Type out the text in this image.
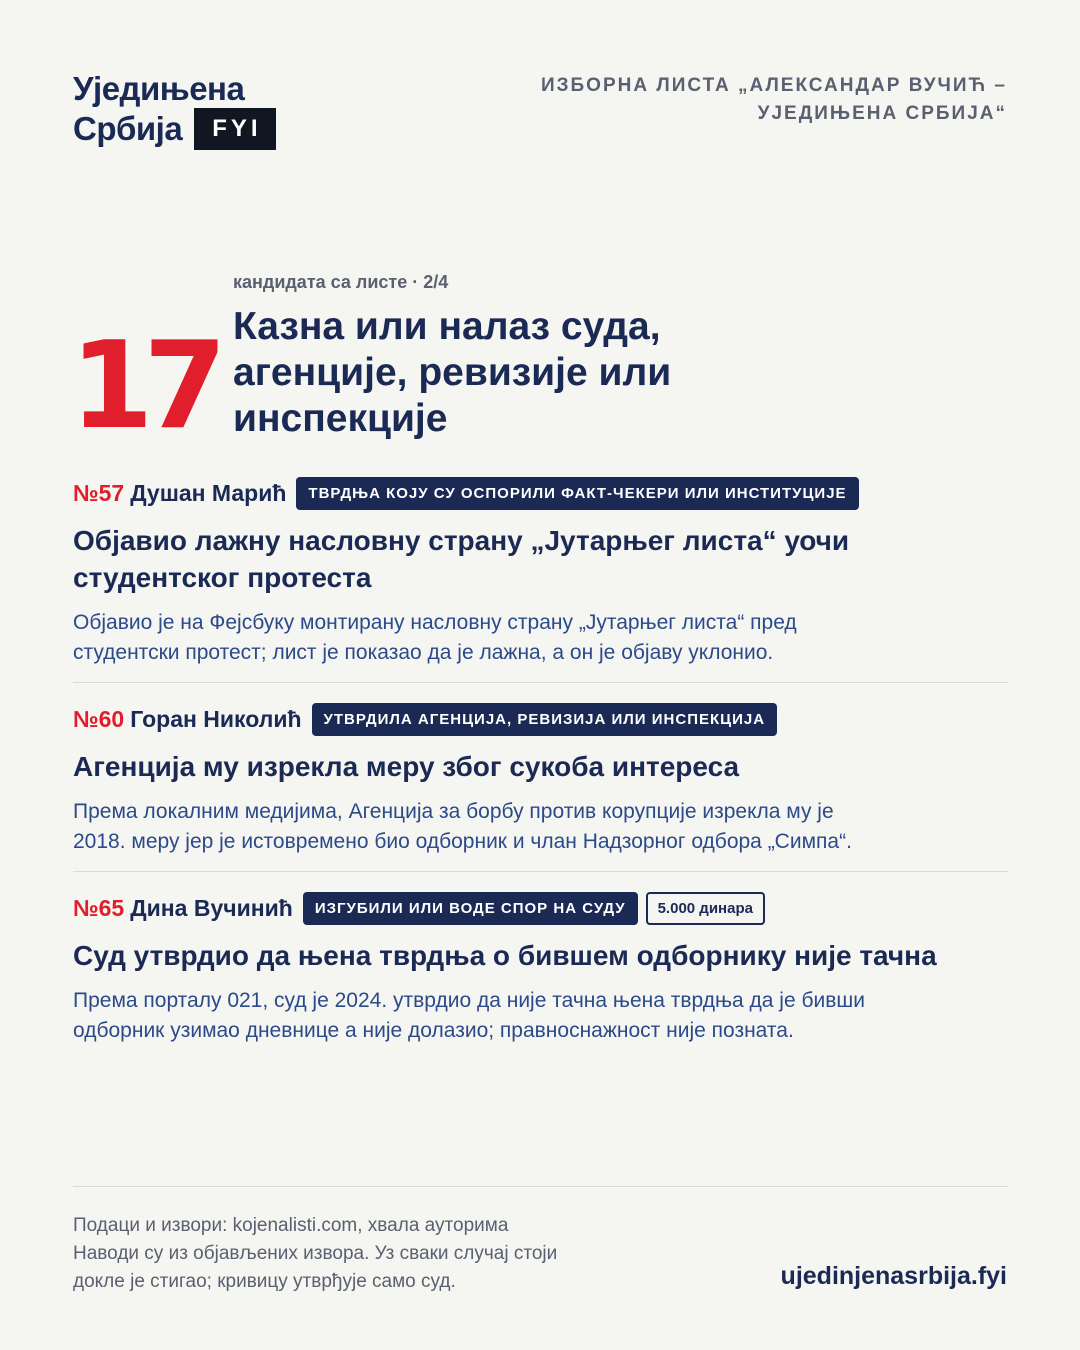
Уједињена
Србија	FYI
ИЗБОРНА ЛИСТА „АЛЕКСАНДАР ВУЧИЋ –
УЈЕДИЊЕНА СРБИЈА“
17
кандидата са листе · 2/4
Казна или налаз суда,
агенције, ревизије или
инспекције
№57 Душан Марић	ТВРДЊА КОЈУ СУ ОСПОРИЛИ ФАКТ-ЧЕКЕРИ ИЛИ ИНСТИТУЦИЈЕ
Објавио лажну насловну страну „Јутарњег листа“ уочи
студентског протеста
Објавио је на Фејсбуку монтирану насловну страну „Јутарњег листа“ пред
студентски протест; лист је показао да је лажна, а он је објаву уклонио.
№60 Горан Николић	УТВРДИЛА АГЕНЦИЈА, РЕВИЗИЈА ИЛИ ИНСПЕКЦИЈА
Агенција му изрекла меру због сукоба интереса
Према локалним медијима, Агенција за борбу против корупције изрекла му је
2018. меру јер је истовремено био одборник и члан Надзорног одбора „Симпа“.
№65 Дина Вучинић	ИЗГУБИЛИ ИЛИ ВОДЕ СПОР НА СУДУ	5.000 динара
Суд утврдио да њена тврдња о бившем одборнику није тачна
Према порталу 021, суд је 2024. утврдио да није тачна њена тврдња да је бивши
одборник узимао дневнице а није долазио; правноснажност није позната.
Подаци и извори: kojenalisti.com, хвала ауторима
Наводи су из објављених извора. Уз сваки случај стоји
докле је стигао; кривицу утврђује само суд.	ujedinjenasrbija.fyi
